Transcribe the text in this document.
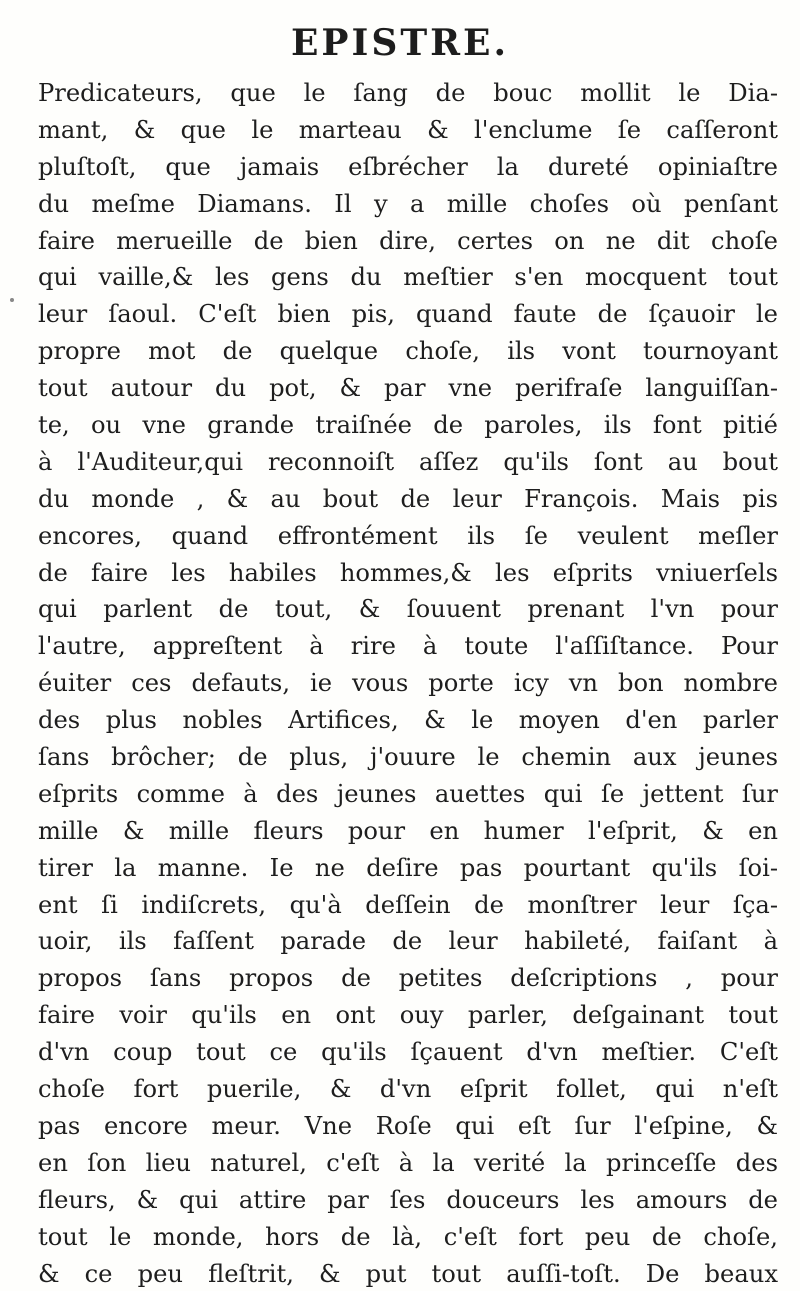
EPISTRE.
Predicateurs, que le ſang de bouc mollit le Dia-
mant, & que le marteau & l'enclume ſe caſſeront
pluſtoſt, que jamais eſbrécher la dureté opiniaſtre
du meſme Diamans. Il y a mille choſes où penſant
faire merueille de bien dire, certes on ne dit choſe
qui vaille,& les gens du meſtier s'en mocquent tout
leur ſaoul. C'eſt bien pis, quand faute de ſçauoir le
propre mot de quelque choſe, ils vont tournoyant
tout autour du pot, & par vne perifraſe languiſſan-
te, ou vne grande traiſnée de paroles, ils font pitié
à l'Auditeur,qui reconnoiſt aſſez qu'ils ſont au bout
du monde , & au bout de leur François. Mais pis
encores, quand effrontément ils ſe veulent meſler
de faire les habiles hommes,& les eſprits vniuerſels
qui parlent de tout, & ſouuent prenant l'vn pour
l'autre, appreſtent à rire à toute l'aſſiſtance. Pour
éuiter ces defauts, ie vous porte icy vn bon nombre
des plus nobles Artifices, & le moyen d'en parler
ſans brôcher; de plus, j'ouure le chemin aux jeunes
eſprits comme à des jeunes auettes qui ſe jettent ſur
mille & mille fleurs pour en humer l'eſprit, & en
tirer la manne. Ie ne deſire pas pourtant qu'ils ſoi-
ent ſi indiſcrets, qu'à deſſein de monſtrer leur ſça-
uoir, ils faſſent parade de leur habileté, faiſant à
propos ſans propos de petites deſcriptions , pour
faire voir qu'ils en ont ouy parler, deſgainant tout
d'vn coup tout ce qu'ils ſçauent d'vn meſtier. C'eſt
choſe fort puerile, & d'vn eſprit follet, qui n'eſt
pas encore meur. Vne Roſe qui eſt ſur l'eſpine, &
en ſon lieu naturel, c'eſt à la verité la princeſſe des
fleurs, & qui attire par ſes douceurs les amours de
tout le monde, hors de là, c'eſt fort peu de choſe,
& ce peu fleſtrit, & put tout auſſi-toſt. De beaux
